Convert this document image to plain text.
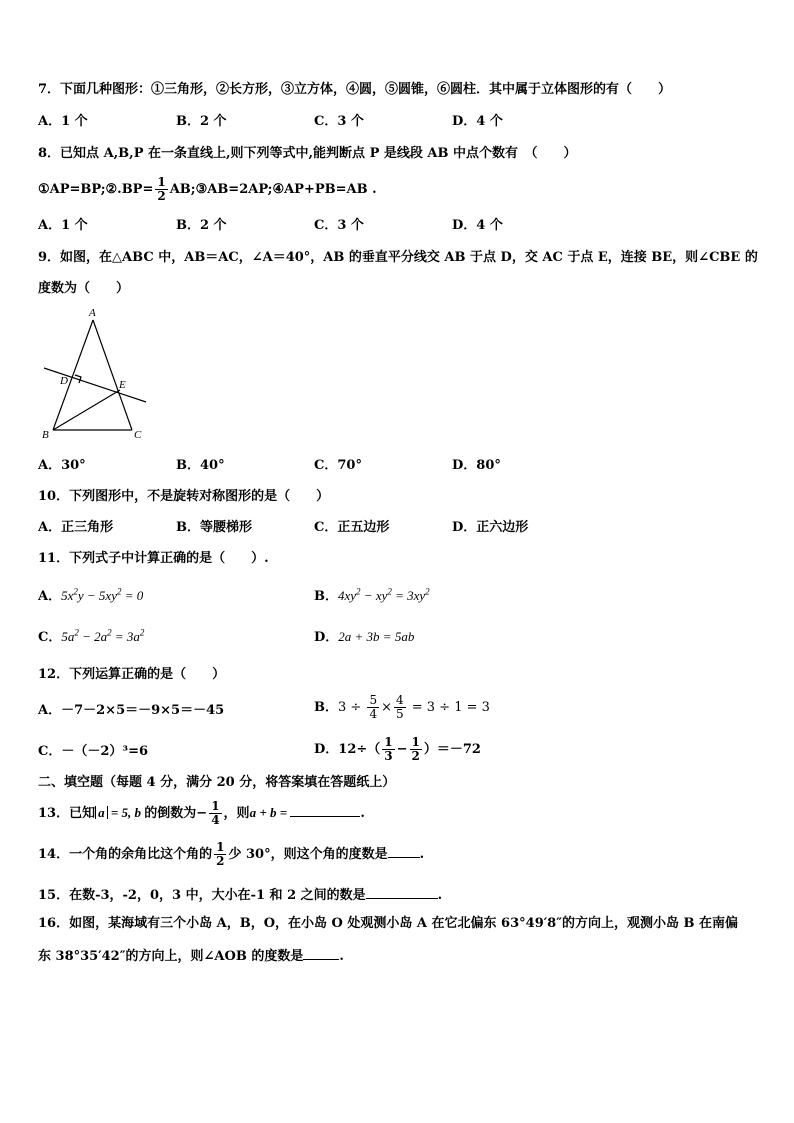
7．下面几种图形：①三角形，②长方形，③立方体，④圆，⑤圆锥，⑥圆柱．其中属于立体图形的有（　　）
A．1 个	B．2 个	C．3 个	D．4 个
8．已知点 A,B,P 在一条直线上,则下列等式中,能判断点 P 是线段 AB 中点个数有　（　　）
①AP=BP;②.BP= $\frac{1}{2}$ AB;③AB=2AP;④AP+PB=AB .
A．1 个	B．2 个	C．3 个	D．4 个
9．如图，在△ABC 中，AB＝AC，∠A＝40°，AB 的垂直平分线交 AB 于点 D，交 AC 于点 E，连接 BE，则∠CBE 的
度数为（　　）
A
D	E
B	C
A．30°	B．40°	C．70°	D．80°
10．下列图形中，不是旋转对称图形的是（　　）
A．正三角形	B．等腰梯形	C．正五边形	D．正六边形
11．下列式子中计算正确的是（　　）.
A．$5x^2y - 5xy^2 = 0$	B．$4xy^2 - xy^2 = 3xy^2$
C．$5a^2 - 2a^2 = 3a^2$	D．2a + 3b = 5ab
12．下列运算正确的是（　　）
A．－7－2×5＝－9×5＝－45	B．$3 \div \frac{5}{4} \times \frac{4}{5} = 3 \div 1 = 3$
C．－（－2）³=6	D．$12\div( \frac{1}{3} - \frac{1}{2} )=-72$
二、填空题（每题 4 分，满分 20 分，将答案填在答题纸上）
13．已知 a = 5, b 的倒数为− $\frac{1}{4}$ ，则a + b =	.
14．一个角的余角比这个角的 $\frac{1}{2}$ 少 30°，则这个角的度数是 .
15．在数-3，-2，0，3 中，大小在-1 和 2 之间的数是	.
16．如图，某海域有三个小岛 A，B，O，在小岛 O 处观测小岛 A 在它北偏东 63°49′8″的方向上，观测小岛 B 在南偏
东 38°35′42″的方向上，则∠AOB 的度数是	.
